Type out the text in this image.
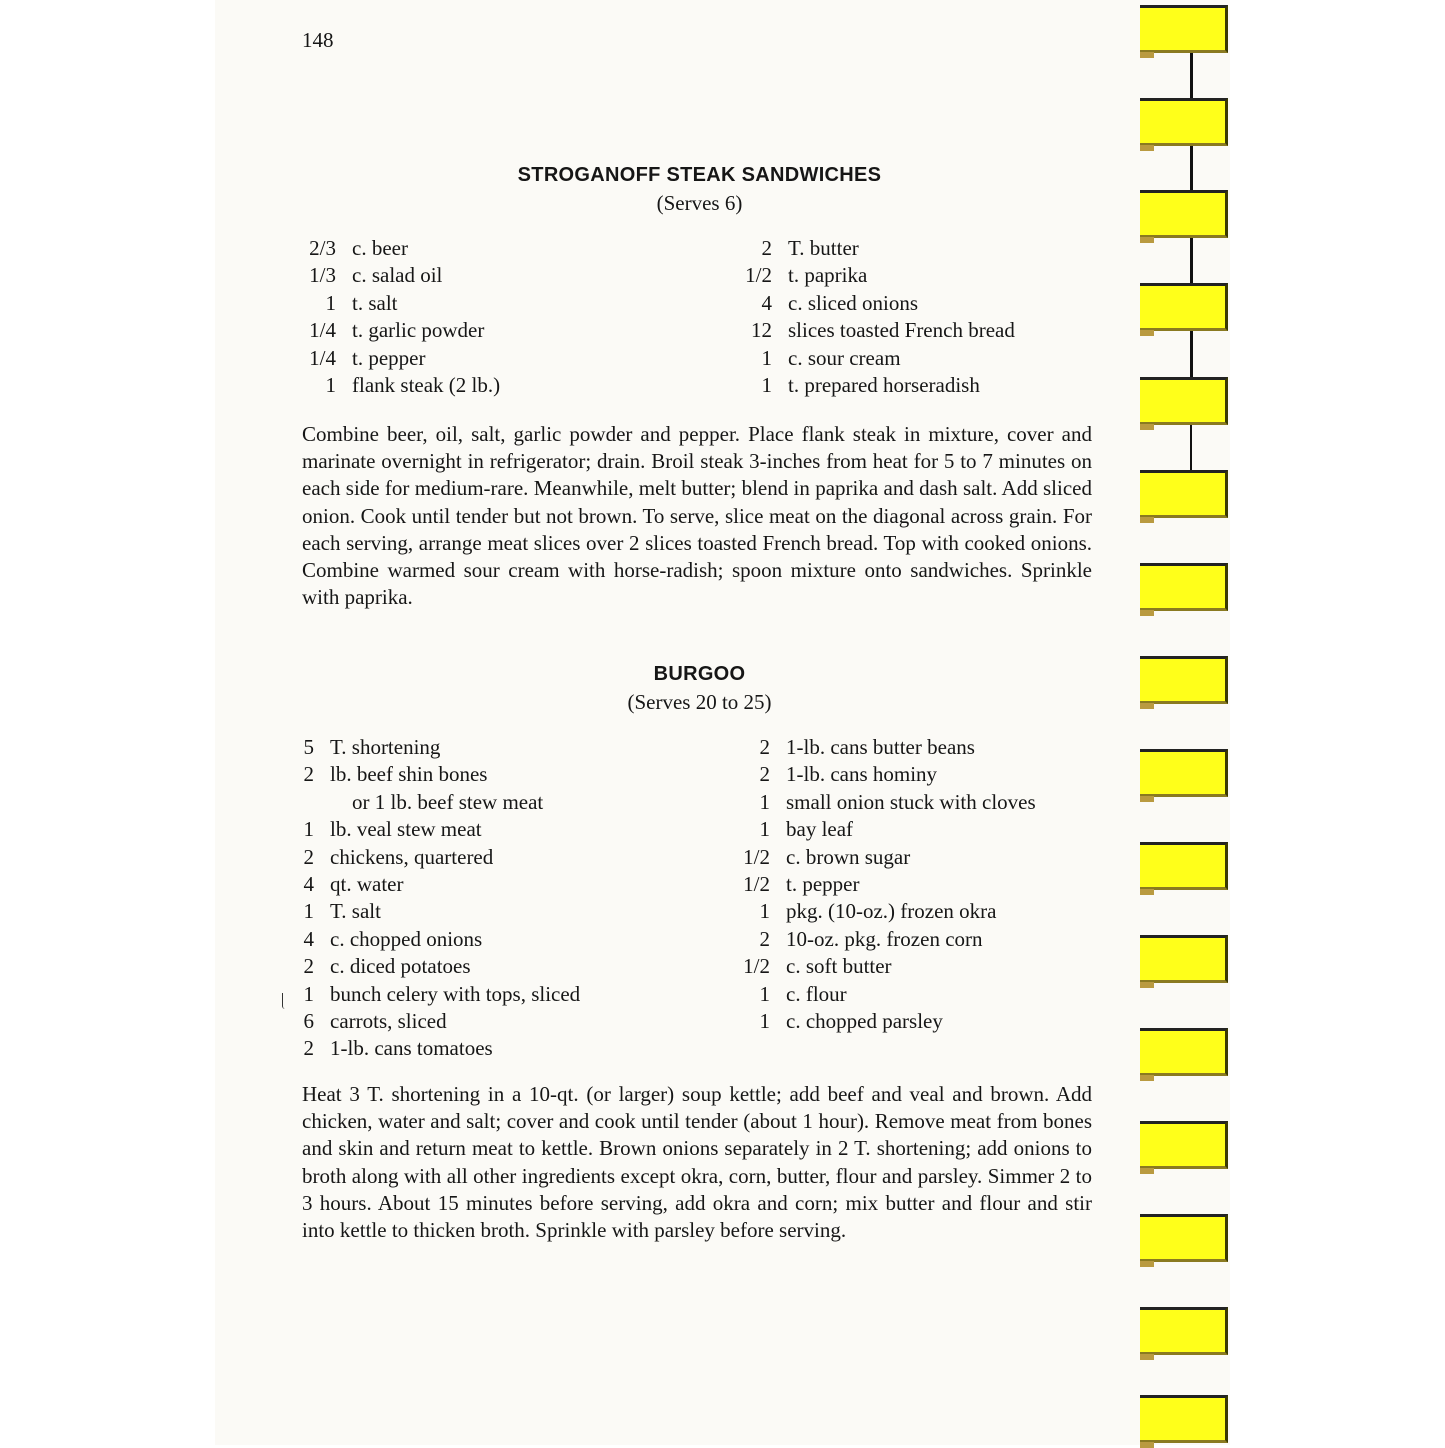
148
STROGANOFF STEAK SANDWICHES
(Serves 6)
2/3 c. beer
1/3 c. salad oil
1 t. salt
1/4 t. garlic powder
1/4 t. pepper
1 flank steak (2 lb.)
2 T. butter
1/2 t. paprika
4 c. sliced onions
12 slices toasted French bread
1 c. sour cream
1 t. prepared horseradish

Combine beer, oil, salt, garlic powder and pepper. Place flank steak in mixture, cover and marinate overnight in refrigerator; drain. Broil steak 3-inches from heat for 5 to 7 minutes on each side for medium-rare. Meanwhile, melt butter; blend in paprika and dash salt. Add sliced onion. Cook until tender but not brown. To serve, slice meat on the diagonal across grain. For each serving, arrange meat slices over 2 slices toasted French bread. Top with cooked onions. Combine warmed sour cream with horse-radish; spoon mixture onto sandwiches. Sprinkle with paprika.

BURGOO
(Serves 20 to 25)
5 T. shortening
2 lb. beef shin bones
or 1 lb. beef stew meat
1 lb. veal stew meat
2 chickens, quartered
4 qt. water
1 T. salt
4 c. chopped onions
2 c. diced potatoes
1 bunch celery with tops, sliced
6 carrots, sliced
2 1-lb. cans tomatoes
2 1-lb. cans butter beans
2 1-lb. cans hominy
1 small onion stuck with cloves
1 bay leaf
1/2 c. brown sugar
1/2 t. pepper
1 pkg. (10-oz.) frozen okra
2 10-oz. pkg. frozen corn
1/2 c. soft butter
1 c. flour
1 c. chopped parsley

Heat 3 T. shortening in a 10-qt. (or larger) soup kettle; add beef and veal and brown. Add chicken, water and salt; cover and cook until tender (about 1 hour). Remove meat from bones and skin and return meat to kettle. Brown onions separately in 2 T. shortening; add onions to broth along with all other ingredients except okra, corn, butter, flour and parsley. Simmer 2 to 3 hours. About 15 minutes before serving, add okra and corn; mix butter and flour and stir into kettle to thicken broth. Sprinkle with parsley before serving.
